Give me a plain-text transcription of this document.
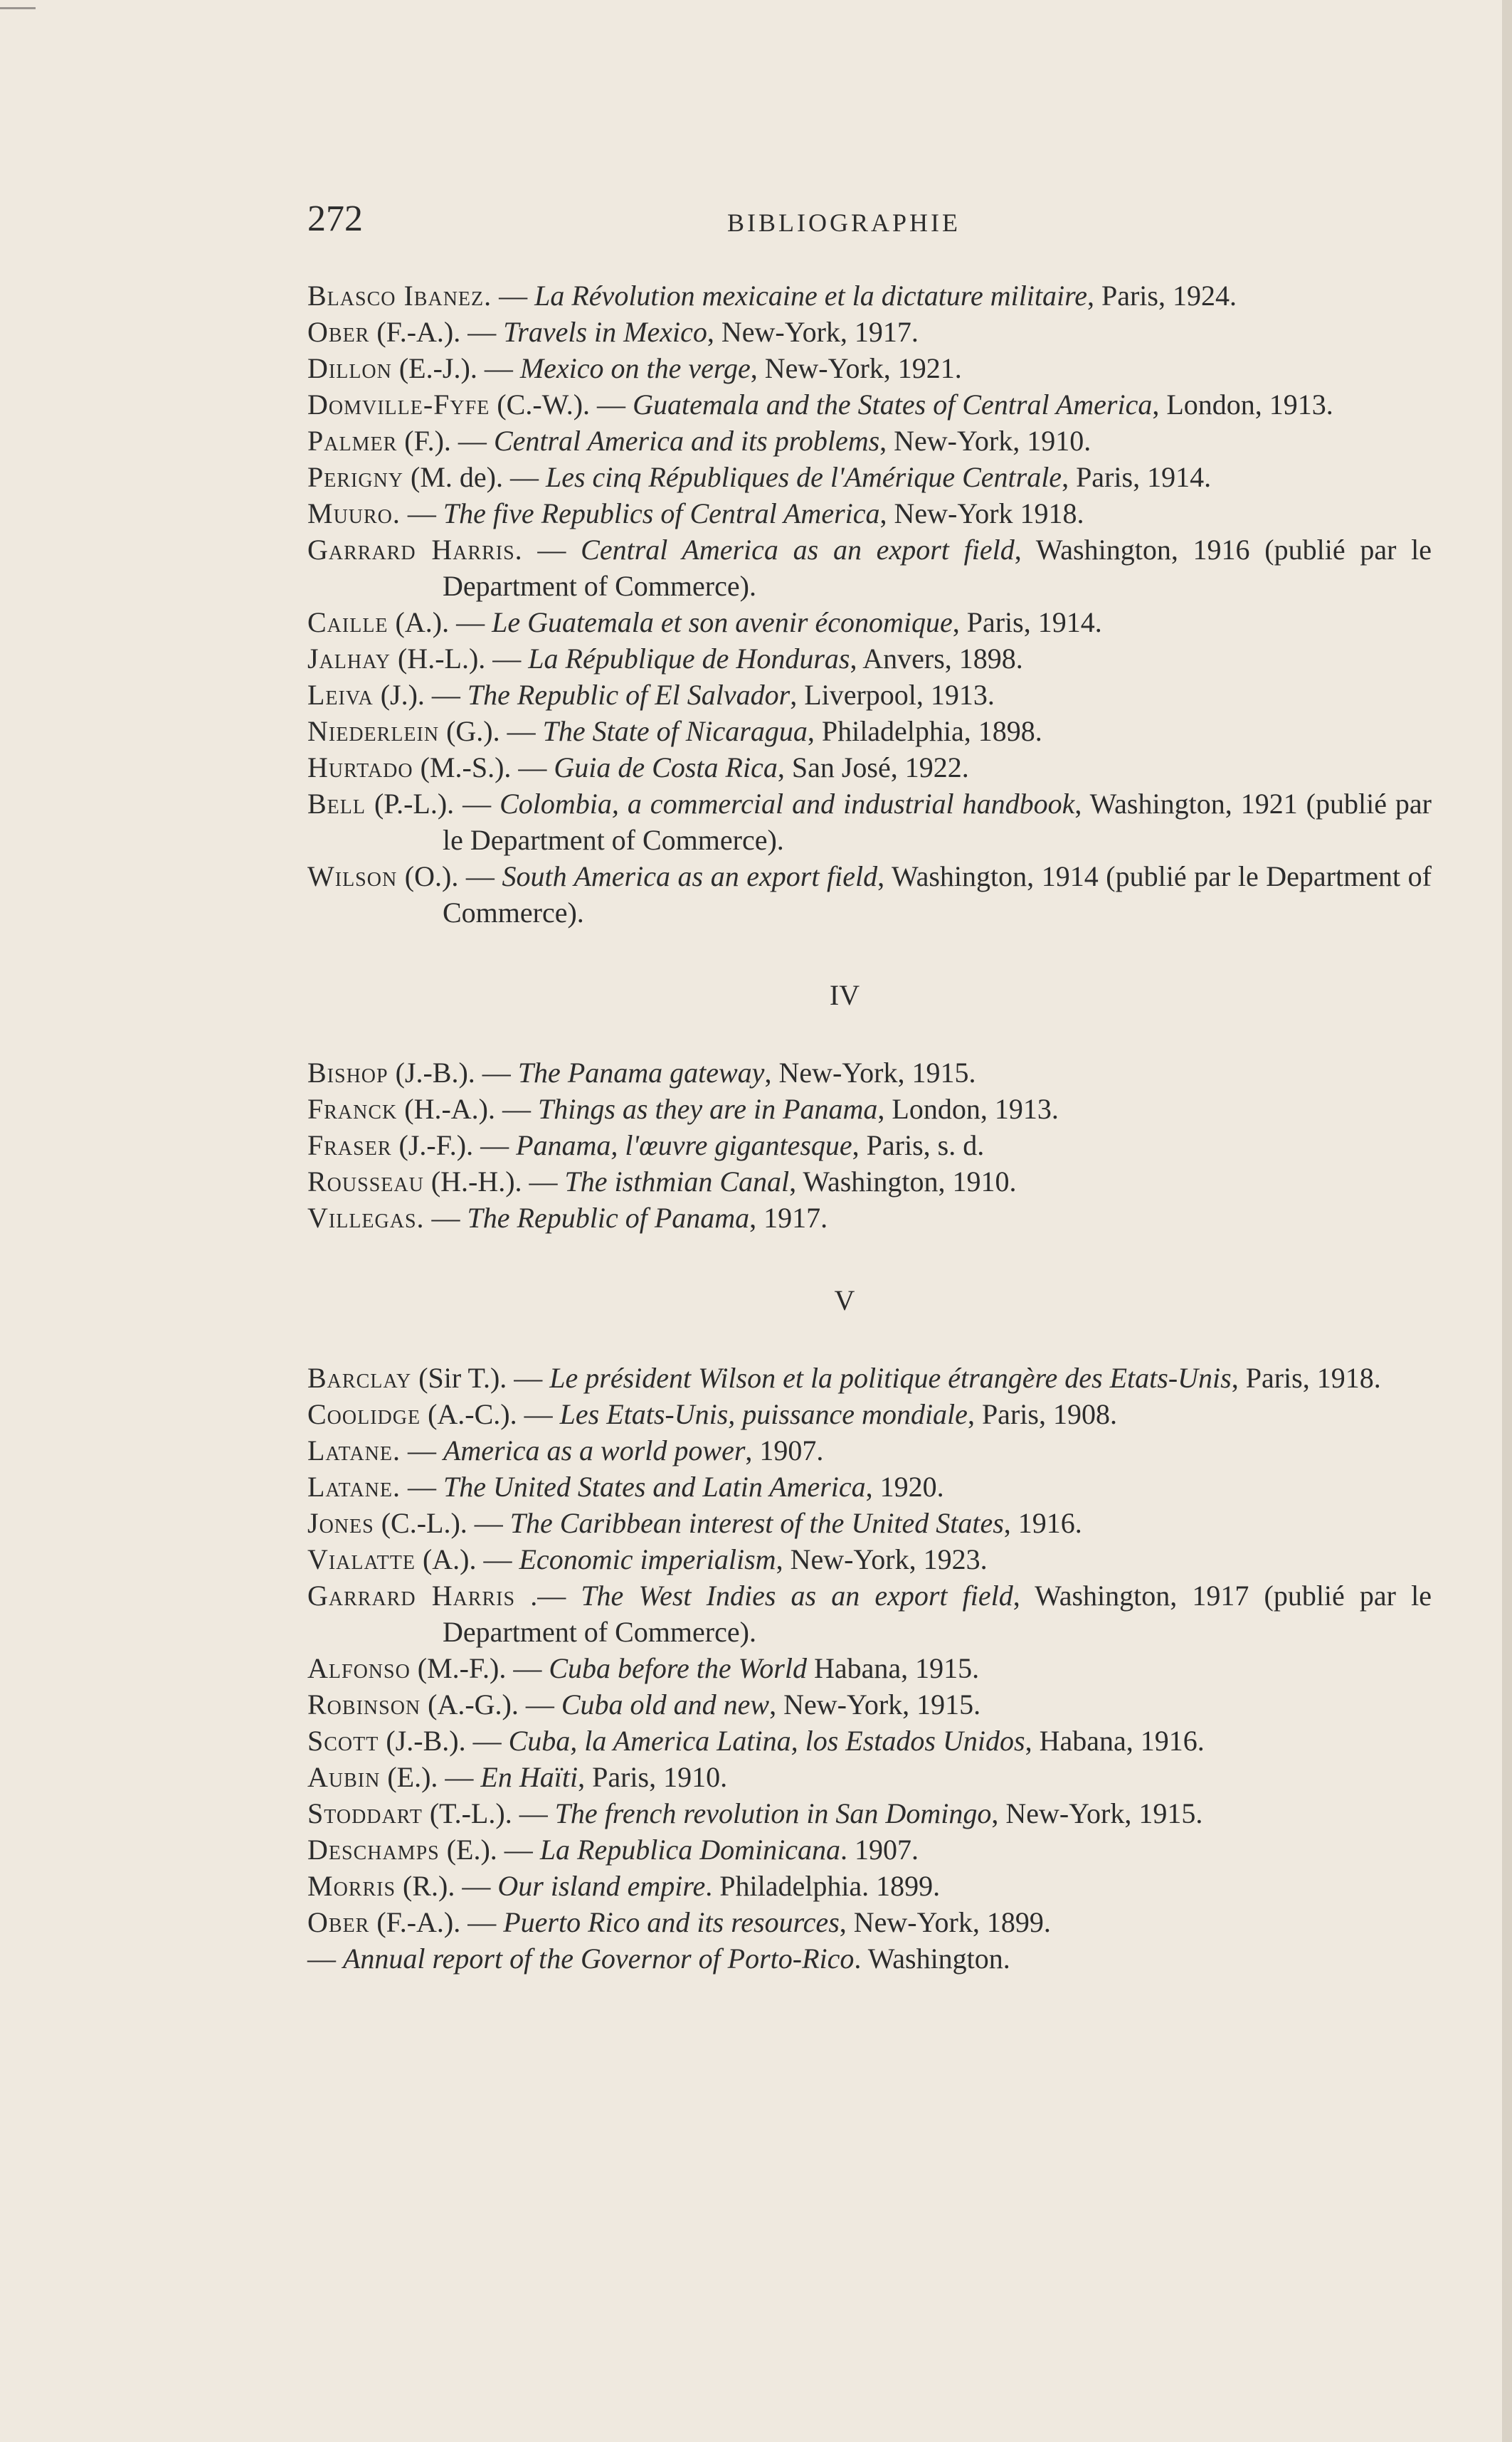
272	BIBLIOGRAPHIE
Blasco Ibanez. — La Révolution mexicaine et la dictature militaire, Paris, 1924.
Ober (F.-A.). — Travels in Mexico, New-York, 1917.
Dillon (E.-J.). — Mexico on the verge, New-York, 1921.
Domville-Fyfe (C.-W.). — Guatemala and the States of Central America, London, 1913.
Palmer (F.). — Central America and its problems, New-York, 1910.
Perigny (M. de). — Les cinq Républiques de l'Amérique Centrale, Paris, 1914.
Muuro. — The five Republics of Central America, New-York 1918.
Garrard Harris. — Central America as an export field, Washington, 1916 (publié par le Department of Commerce).
Caille (A.). — Le Guatemala et son avenir économique, Paris, 1914.
Jalhay (H.-L.). — La République de Honduras, Anvers, 1898.
Leiva (J.). — The Republic of El Salvador, Liverpool, 1913.
Niederlein (G.). — The State of Nicaragua, Philadelphia, 1898.
Hurtado (M.-S.). — Guia de Costa Rica, San José, 1922.
Bell (P.-L.). — Colombia, a commercial and industrial handbook, Washington, 1921 (publié par le Department of Commerce).
Wilson (O.). — South America as an export field, Washington, 1914 (publié par le Department of Commerce).
IV
Bishop (J.-B.). — The Panama gateway, New-York, 1915.
Franck (H.-A.). — Things as they are in Panama, London, 1913.
Fraser (J.-F.). — Panama, l'œuvre gigantesque, Paris, s. d.
Rousseau (H.-H.). — The isthmian Canal, Washington, 1910.
Villegas. — The Republic of Panama, 1917.
V
Barclay (Sir T.). — Le président Wilson et la politique étrangère des Etats-Unis, Paris, 1918.
Coolidge (A.-C.). — Les Etats-Unis, puissance mondiale, Paris, 1908.
Latane. — America as a world power, 1907.
Latane. — The United States and Latin America, 1920.
Jones (C.-L.). — The Caribbean interest of the United States, 1916.
Vialatte (A.). — Economic imperialism, New-York, 1923.
Garrard Harris .— The West Indies as an export field, Washington, 1917 (publié par le Department of Commerce).
Alfonso (M.-F.). — Cuba before the World Habana, 1915.
Robinson (A.-G.). — Cuba old and new, New-York, 1915.
Scott (J.-B.). — Cuba, la America Latina, los Estados Unidos, Habana, 1916.
Aubin (E.). — En Haïti, Paris, 1910.
Stoddart (T.-L.). — The french revolution in San Domingo, New-York, 1915.
Deschamps (E.). — La Republica Dominicana. 1907.
Morris (R.). — Our island empire. Philadelphia. 1899.
Ober (F.-A.). — Puerto Rico and its resources, New-York, 1899.
— Annual report of the Governor of Porto-Rico. Washington.
